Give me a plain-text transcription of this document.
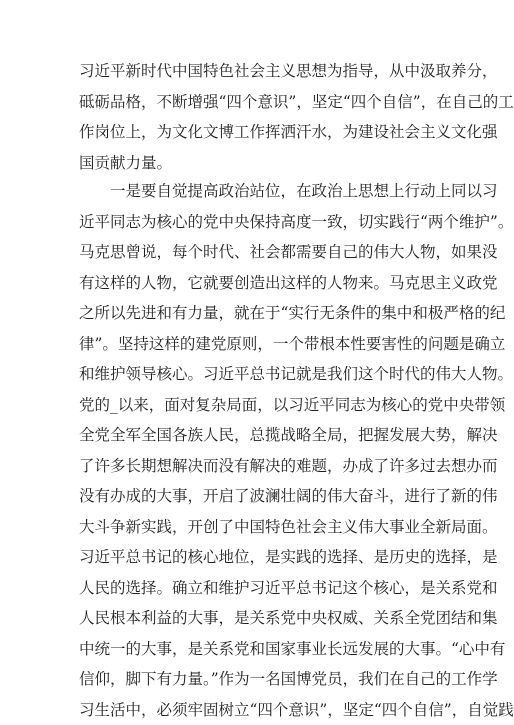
习近平新时代中国特色社会主义思想为指导，从中汲取养分，
砥砺品格，不断增强“四个意识”，坚定“四个自信”，在自己的工
作岗位上，为文化文博工作挥洒汗水，为建设社会主义文化强
国贡献力量。
一是要自觉提高政治站位，在政治上思想上行动上同以习
近平同志为核心的党中央保持高度一致，切实践行“两个维护”。
马克思曾说，每个时代、社会都需要自己的伟大人物，如果没
有这样的人物，它就要创造出这样的人物来。马克思主义政党
之所以先进和有力量，就在于“实行无条件的集中和极严格的纪
律”。坚持这样的建党原则，一个带根本性要害性的问题是确立
和维护领导核心。习近平总书记就是我们这个时代的伟大人物。
党的_以来，面对复杂局面，以习近平同志为核心的党中央带领
全党全军全国各族人民，总揽战略全局，把握发展大势，解决
了许多长期想解决而没有解决的难题，办成了许多过去想办而
没有办成的大事，开启了波澜壮阔的伟大奋斗，进行了新的伟
大斗争新实践，开创了中国特色社会主义伟大事业全新局面。
习近平总书记的核心地位，是实践的选择、是历史的选择，是
人民的选择。确立和维护习近平总书记这个核心，是关系党和
人民根本利益的大事，是关系党中央权威、关系全党团结和集
中统一的大事，是关系党和国家事业长远发展的大事。“心中有
信仰，脚下有力量。”作为一名国博党员，我们在自己的工作学
习生活中，必须牢固树立“四个意识”，坚定“四个自信”，自觉践
